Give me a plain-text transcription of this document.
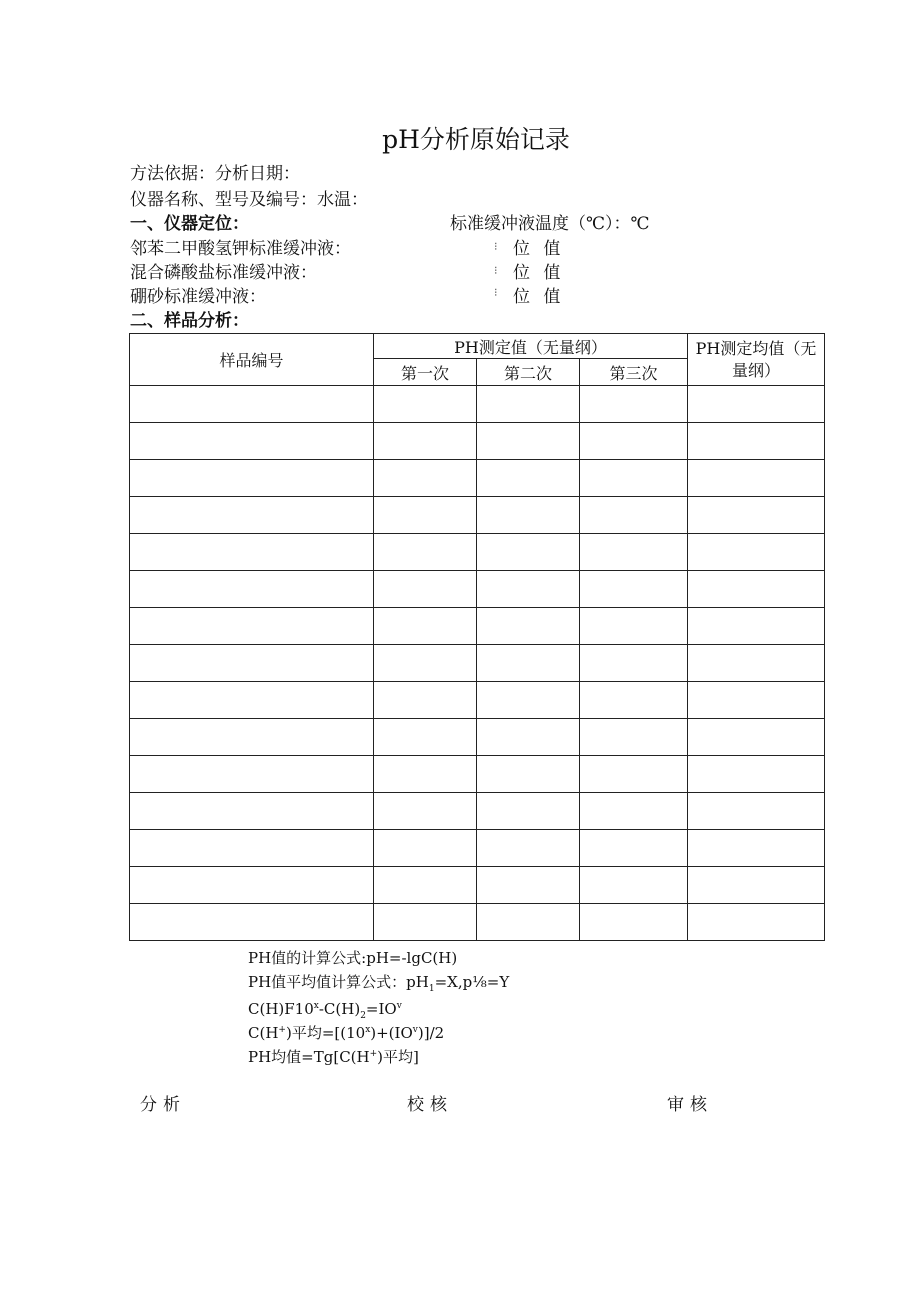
pH分析原始记录
方法依据：分析日期：
仪器名称、型号及编号：水温：
一、仪器定位：	标准缓冲液温度（℃）：℃
邻苯二甲酸氢钾标准缓冲液：	⁝ 位 值
混合磷酸盐标准缓冲液：	⁝ 位 值
硼砂标准缓冲液：	⁝ 位 值
二、样品分析：
样品编号	PH测定值（无量纲）			PH测定均值（无量纲）
	第一次	第二次	第三次	

PH值的计算公式:pH=-lgC(H)
PH值平均值计算公式：$pH_1=X,p\frac{1}{8}=Y$
$C(H)F10^x-C(H)_2=IO^v$
C(H+)平均$=[(10^x)+(IO^v)]/2$
PH均值=Tg[C(H+)平均]
分析	校核	审核
